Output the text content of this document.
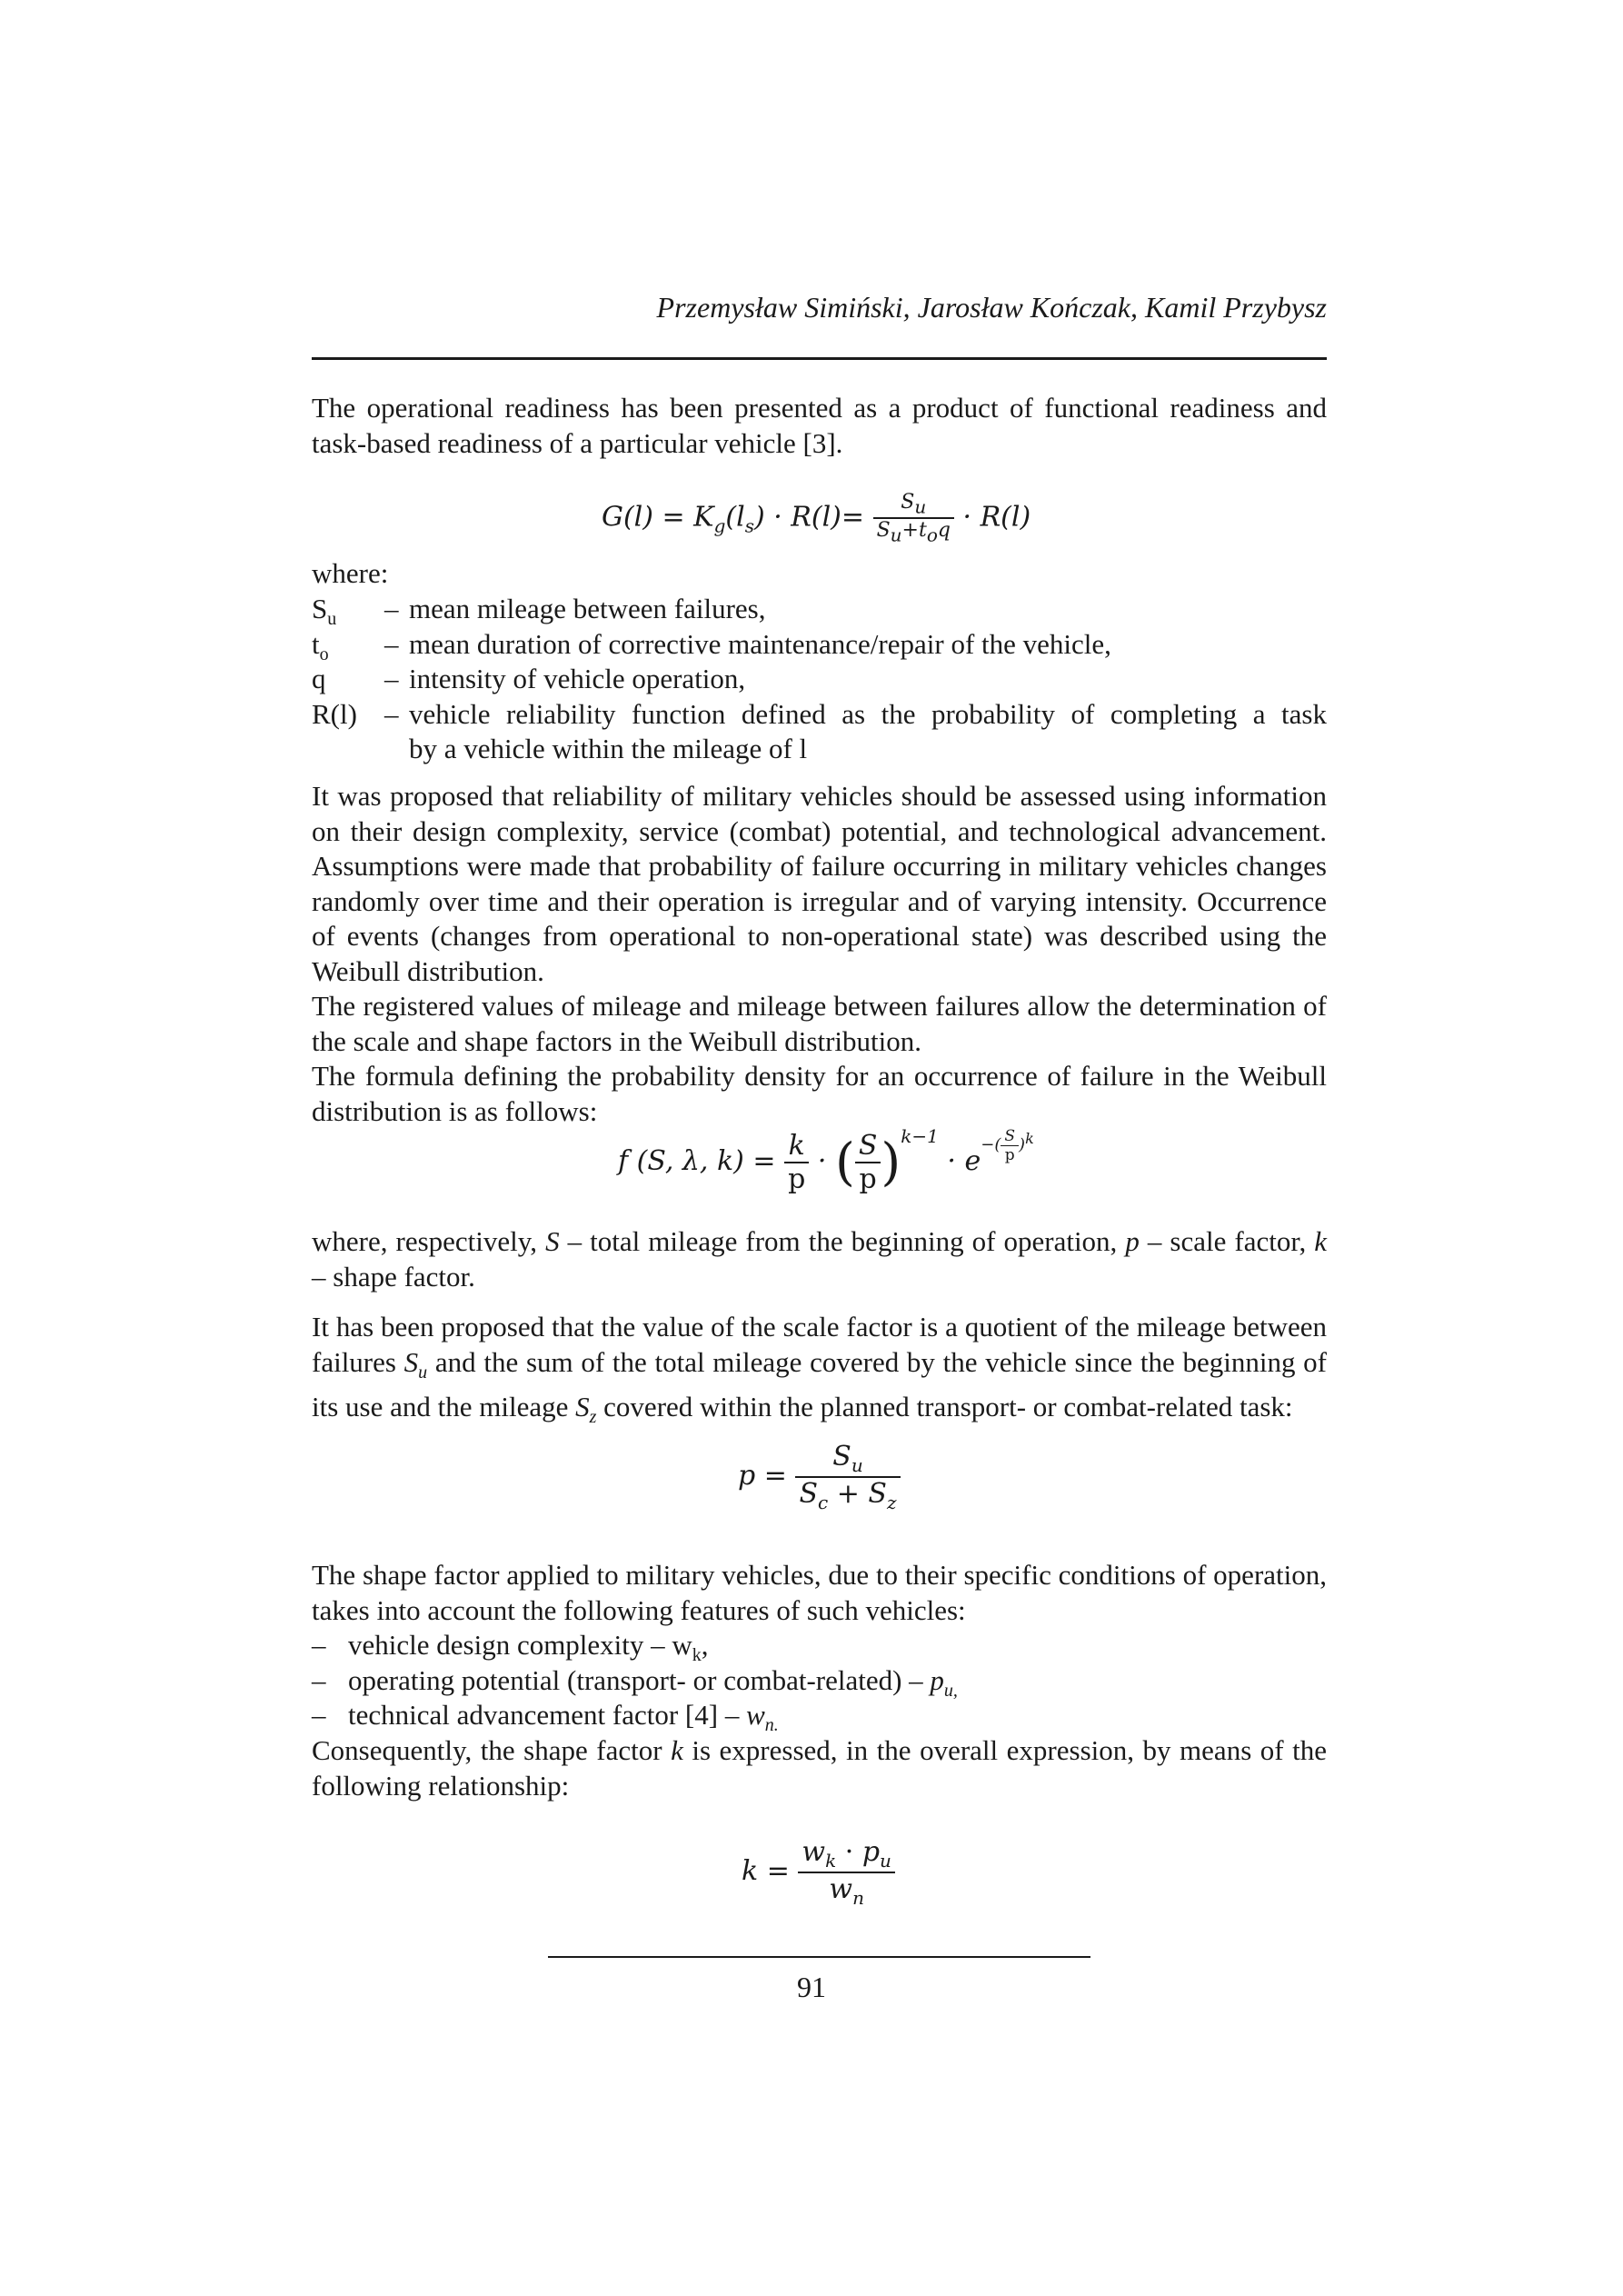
Przemysław Simiński, Jarosław Kończak, Kamil Przybysz

The operational readiness has been presented as a product of functional readiness and task-based readiness of a particular vehicle [3].

$G(l) = K_g(l_s) \cdot R(l)= \frac{S_u}{S_u+t_oq} \cdot R(l)$
where:
$S_u$ – mean mileage between failures,
$t_o$ – mean duration of corrective maintenance/repair of the vehicle,
q – intensity of vehicle operation,
R(l) – vehicle reliability function defined as the probability of completing a task
by a vehicle within the mileage of l

It was proposed that reliability of military vehicles should be assessed using information on their design complexity, service (combat) potential, and technological advancement. Assumptions were made that probability of failure occurring in military vehicles changes randomly over time and their operation is irregular and of varying intensity. Occurrence of events (changes from operational to non-operational state) was described using the Weibull distribution.

The registered values of mileage and mileage between failures allow the determination of the scale and shape factors in the Weibull distribution.

The formula defining the probability density for an occurrence of failure in the Weibull distribution is as follows:

f (S, λ, $k) = \frac{k}{p}$ · ( $\frac{S}{p} )^{k-1} \cdot e^{-( \frac{S}{p} )^k}$

where, respectively, S – total mileage from the beginning of operation, p – scale factor, k – shape factor.

It has been proposed that the value of the scale factor is a quotient of the mileage between failures $S_u$ and the sum of the total mileage covered by the vehicle since the beginning of its use and the mileage $S_z$ covered within the planned transport- or combat-related task:

$p = \frac{S_u}{S_c + S_z}$

The shape factor applied to military vehicles, due to their specific conditions of operation, takes into account the following features of such vehicles:

– vehicle design complexity – $w_k$,
– operating potential (transport- or combat-related) – $p_{u,}$
– technical advancement factor $[4] - w_{n.}$

Consequently, the shape factor k is expressed, in the overall expression, by means of the following relationship:

$k = \frac{w_k \cdot p_u}{w_n}$
91
